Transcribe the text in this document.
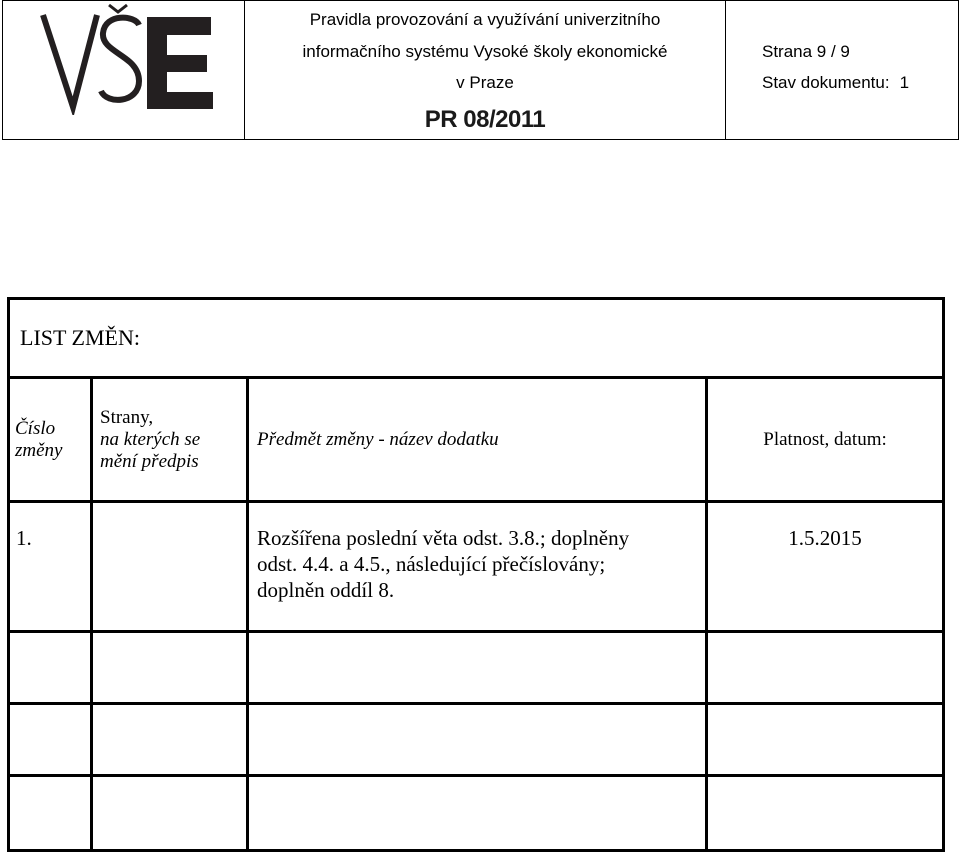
Pravidla provozování a využívání univerzitního
informačního systému Vysoké školy ekonomické
v Praze
PR 08/2011
Strana 9 / 9
Stav dokumentu: 1
LIST ZMĚN:			
Číslo
změny	Strany,
na kterých se
mění předpis	Předmět změny - název dodatku	Platnost, datum:
1.		Rozšířena poslední věta odst. 3.8.; doplněny
odst. 4.4. a 4.5., následující přečíslovány;
doplněn oddíl 8.	1.5.2015
